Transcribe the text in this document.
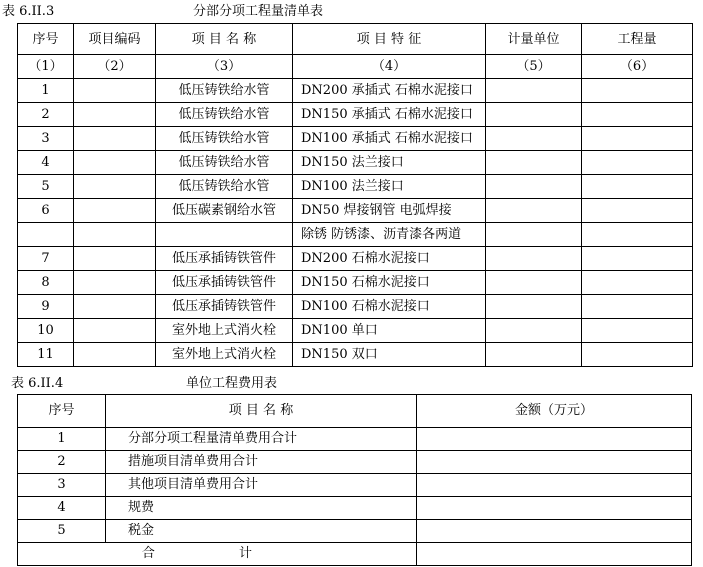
表 6.II.3	分部分项工程量清单表
序号	项目编码	项 目 名 称	项 目 特 征	计量单位	工程量
（1）	（2）	（3）	（4）	（5）	（6）
1		低压铸铁给水管	DN200 承插式 石棉水泥接口		
2		低压铸铁给水管	DN150 承插式 石棉水泥接口		
3		低压铸铁给水管	DN100 承插式 石棉水泥接口		
4		低压铸铁给水管	DN150 法兰接口		
5		低压铸铁给水管	DN100 法兰接口		
6		低压碳素钢给水管	DN50 焊接钢管 电弧焊接		
			除锈 防锈漆、沥青漆各两道		
7		低压承插铸铁管件	DN200 石棉水泥接口		
8		低压承插铸铁管件	DN150 石棉水泥接口		
9		低压承插铸铁管件	DN100 石棉水泥接口		
10		室外地上式消火栓	DN100 单口		
11		室外地上式消火栓	DN150 双口		
表 6.II.4	单位工程费用表
序号	项 目 名 称	金额（万元）
1	分部分项工程量清单费用合计	
2	措施项目清单费用合计	
3	其他项目清单费用合计	
4	规费	
5	税金	
合 计		
